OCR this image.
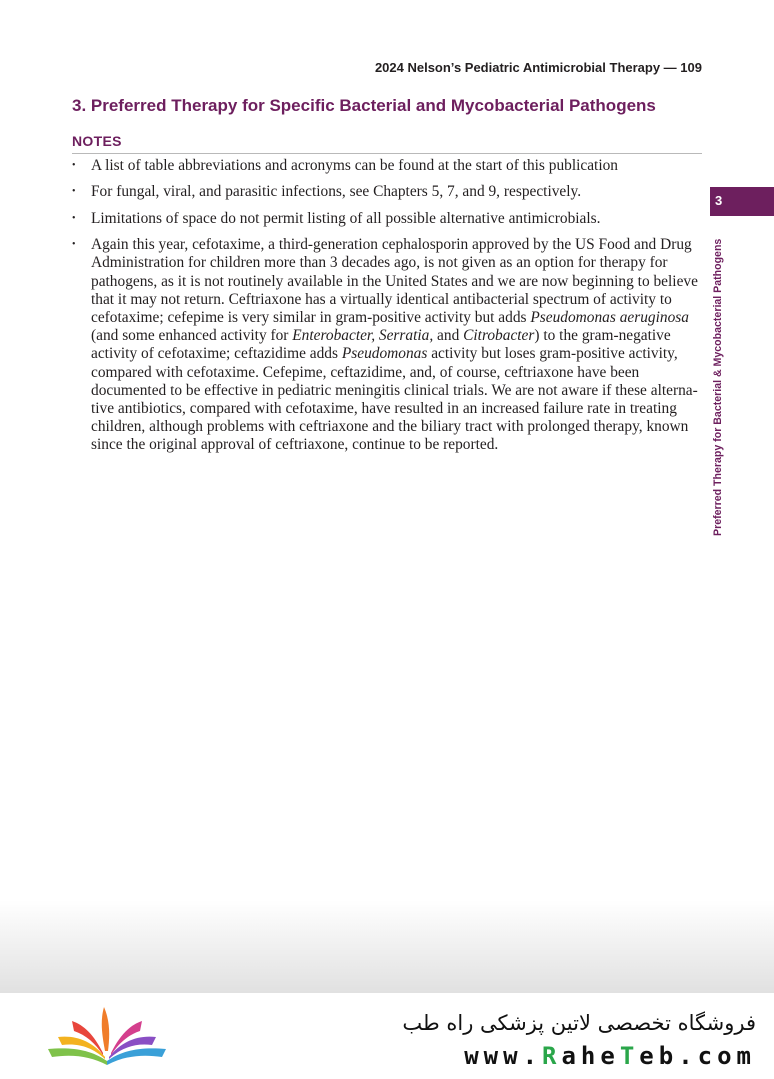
2024 Nelson’s Pediatric Antimicrobial Therapy — 109
3. Preferred Therapy for Specific Bacterial and Mycobacterial Pathogens
NOTES
• A list of table abbreviations and acronyms can be found at the start of this publication
• For fungal, viral, and parasitic infections, see Chapters 5, 7, and 9, respectively.
• Limitations of space do not permit listing of all possible alternative antimicrobials.
• Again this year, cefotaxime, a third-generation cephalosporin approved by the US Food and Drug Administration for children more than 3 decades ago, is not given as an option for therapy for pathogens, as it is not routinely available in the United States and we are now beginning to believe that it may not return. Ceftriaxone has a virtually identical antibacterial spectrum of activity to cefotaxime; cefepime is very similar in gram-positive activity but adds Pseudomonas aeruginosa (and some enhanced activity for Enterobacter, Serratia, and Citrobacter) to the gram-negative activity of cefotaxime; ceftazidime adds Pseudomonas activity but loses gram-positive activity, compared with cefotaxime. Cefepime, ceftazidime, and, of course, ceftriaxone have been documented to be effective in pediatric meningitis clinical trials. We are not aware if these alterna-tive antibiotics, compared with cefotaxime, have resulted in an increased failure rate in treating children, although problems with ceftriaxone and the biliary tract with prolonged therapy, known since the original approval of ceftriaxone, continue to be reported.
3
Preferred Therapy for Bacterial & Mycobacterial Pathogens
فروشگاه تخصصی لاتین پزشکی راه طب
www.RaheTeb.com
